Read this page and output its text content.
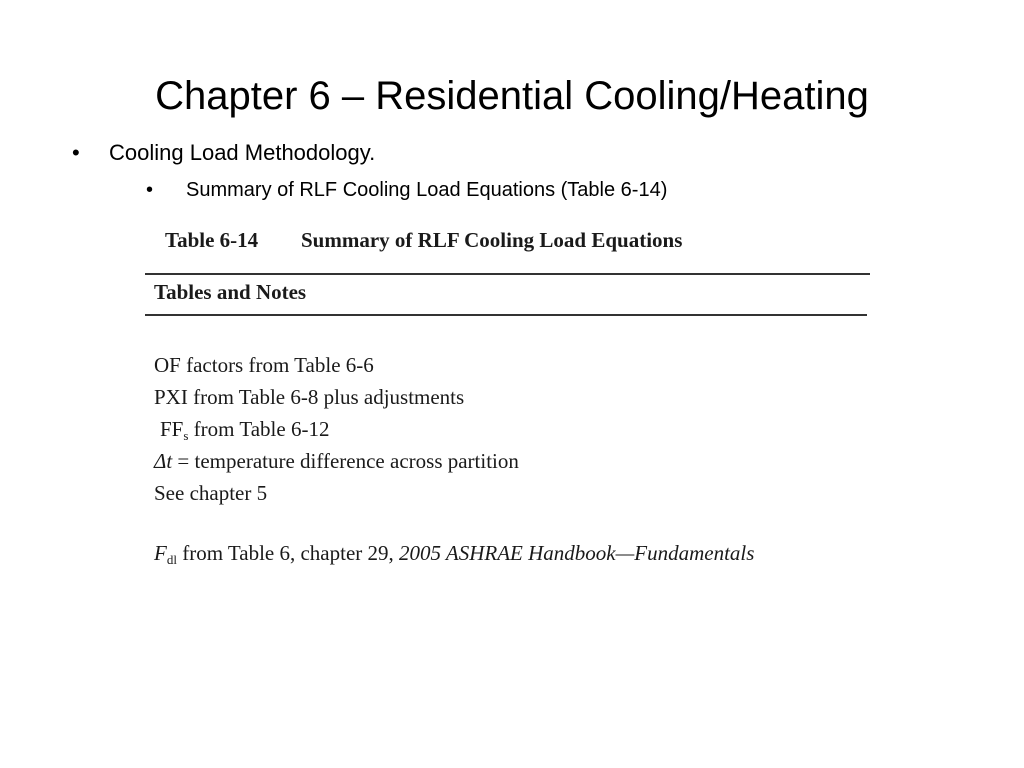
Chapter 6 – Residential Cooling/Heating
• Cooling Load Methodology.
• Summary of RLF Cooling Load Equations (Table 6-14)
Table 6-14 Summary of RLF Cooling Load Equations
Tables and Notes
OF factors from Table 6-6
PXI from Table 6-8 plus adjustments
$FF_s$ from Table 6-12
Δt = temperature difference across partition
See chapter 5
$F_{dl}$ from Table 6, chapter 29, 2005 ASHRAE Handbook—Fundamentals
